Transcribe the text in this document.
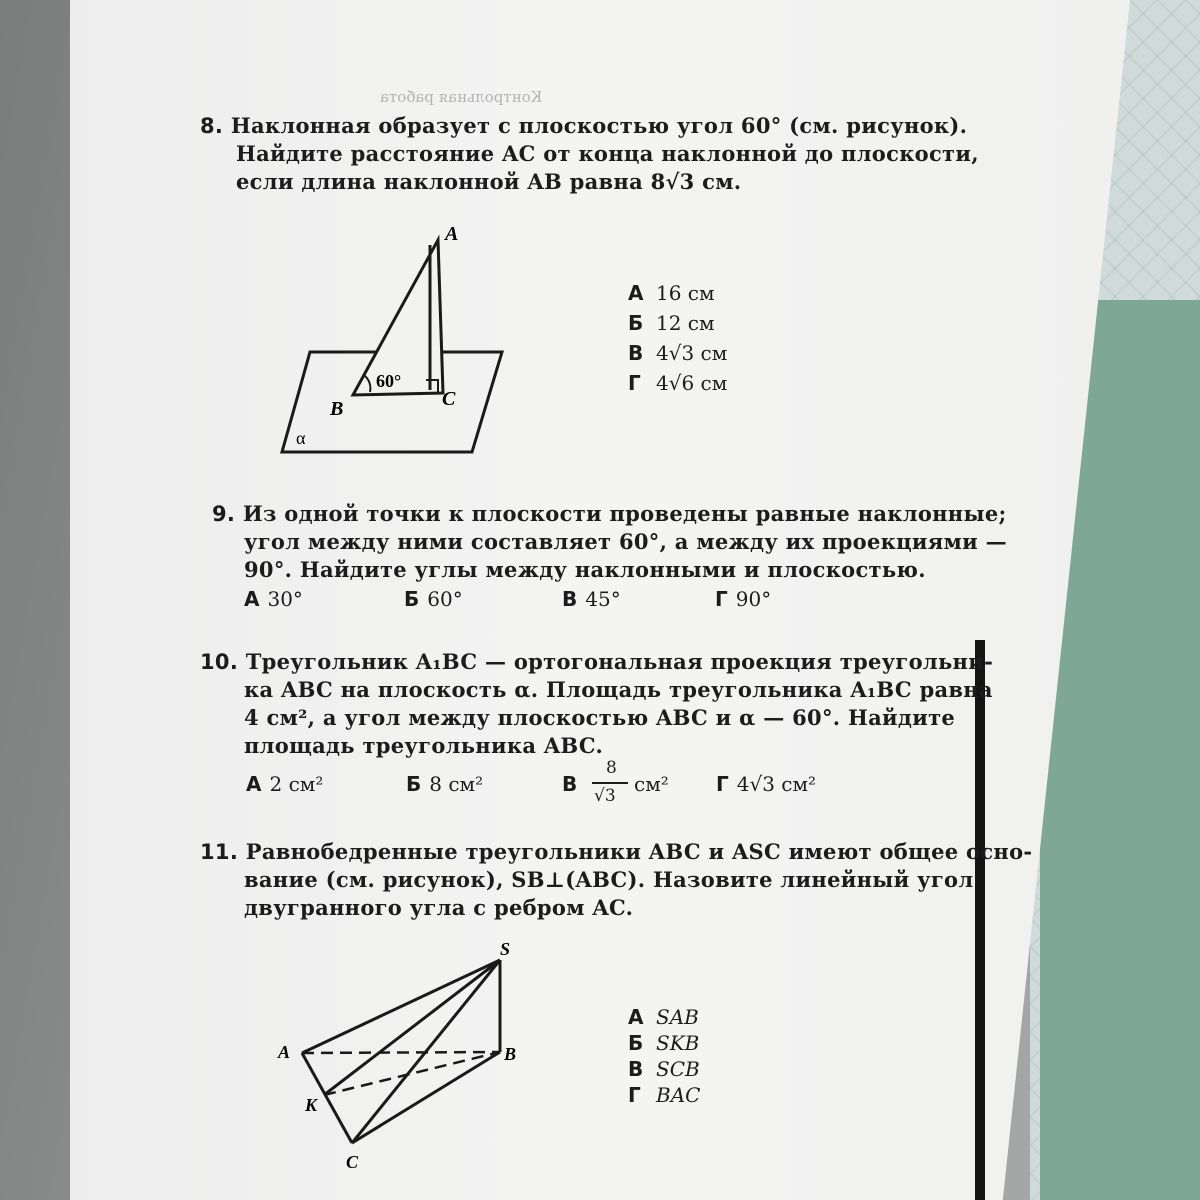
Контрольная работа
8. Наклонная образует с плоскостью угол 60° (см. рисунок).
Найдите расстояние AC от конца наклонной до плоскости,
если длина наклонной AB равна 8√3 см.
A
B	C
60°
α
А 16 см
Б 12 см
В 4√3 см
Г 4√6 см
9. Из одной точки к плоскости проведены равные наклонные;
угол между ними составляет 60°, а между их проекциями —
90°. Найдите углы между наклонными и плоскостью.
А 30°	Б 60°	В 45°	Г 90°
10. Треугольник A₁BC — ортогональная проекция треугольни-
ка ABC на плоскость α. Площадь треугольника A₁BC равна
4 см², а угол между плоскостью ABC и α — 60°. Найдите
площадь треугольника ABC.
А 2 см²	Б 8 см²	В
8
√3 см² Г 4√3 см²
11. Равнобедренные треугольники ABC и ASC имеют общее осно-
вание (см. рисунок), SB⊥(ABC). Назовите линейный угол
двугранного угла с ребром AC.
S
A	B
K
C
А SAB
Б SKB
В SCB
Г BAC
